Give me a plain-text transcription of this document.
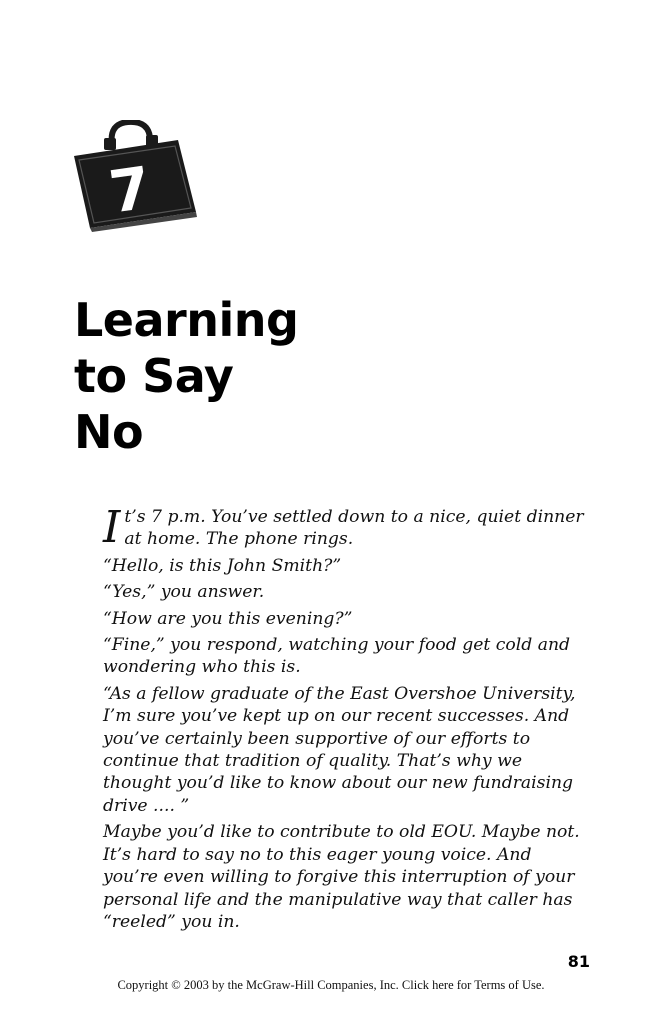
7
Learning
to Say
No

It’s 7 p.m. You’ve settled down to a nice, quiet dinner at home. The phone rings.

“Hello, is this John Smith?”

“Yes,” you answer.

“How are you this evening?”

“Fine,” you respond, watching your food get cold and wondering who this is.

“As a fellow graduate of the East Overshoe University, I’m sure you’ve kept up on our recent successes. And you’ve certainly been supportive of our efforts to continue that tradition of quality. That’s why we thought you’d like to know about our new fundraising drive .... ”

Maybe you’d like to contribute to old EOU. Maybe not. It’s hard to say no to this eager young voice. And you’re even willing to forgive this interruption of your personal life and the manipulative way that caller has “reeled” you in.

81
Copyright © 2003 by the McGraw-Hill Companies, Inc. Click here for Terms of Use.
